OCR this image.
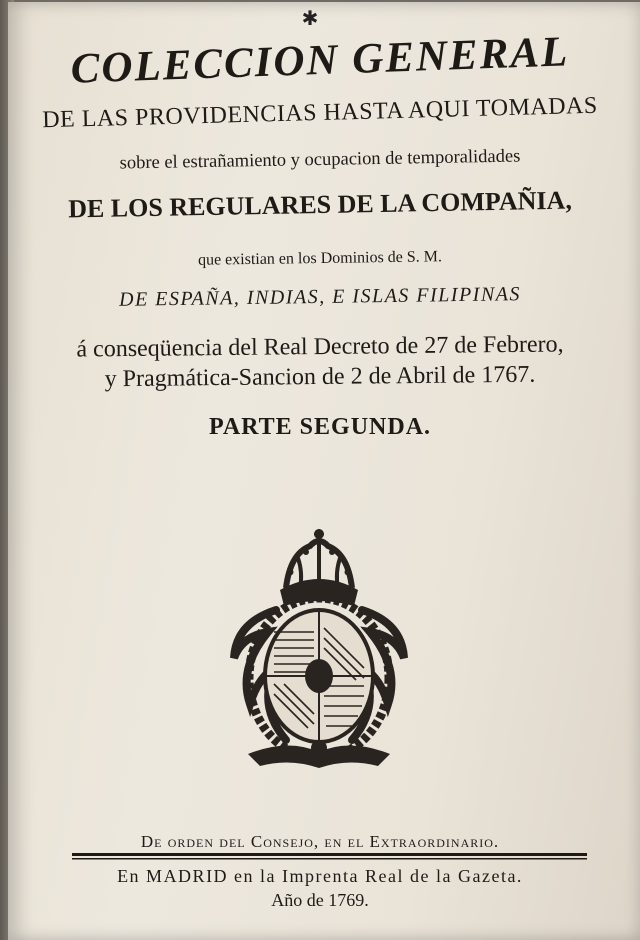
✱
COLECCION GENERAL
DE LAS PROVIDENCIAS HASTA AQUI TOMADAS
sobre el estrañamiento y ocupacion de temporalidades
DE LOS REGULARES DE LA COMPAÑIA,
que existian en los Dominios de S. M.
DE ESPAÑA, INDIAS, E ISLAS FILIPINAS
á conseqüencia del Real Decreto de 27 de Febrero,
y Pragmática-Sancion de 2 de Abril de 1767.
PARTE SEGUNDA.
De orden del Consejo, en el Extraordinario.
En MADRID en la Imprenta Real de la Gazeta.
Año de 1769.
